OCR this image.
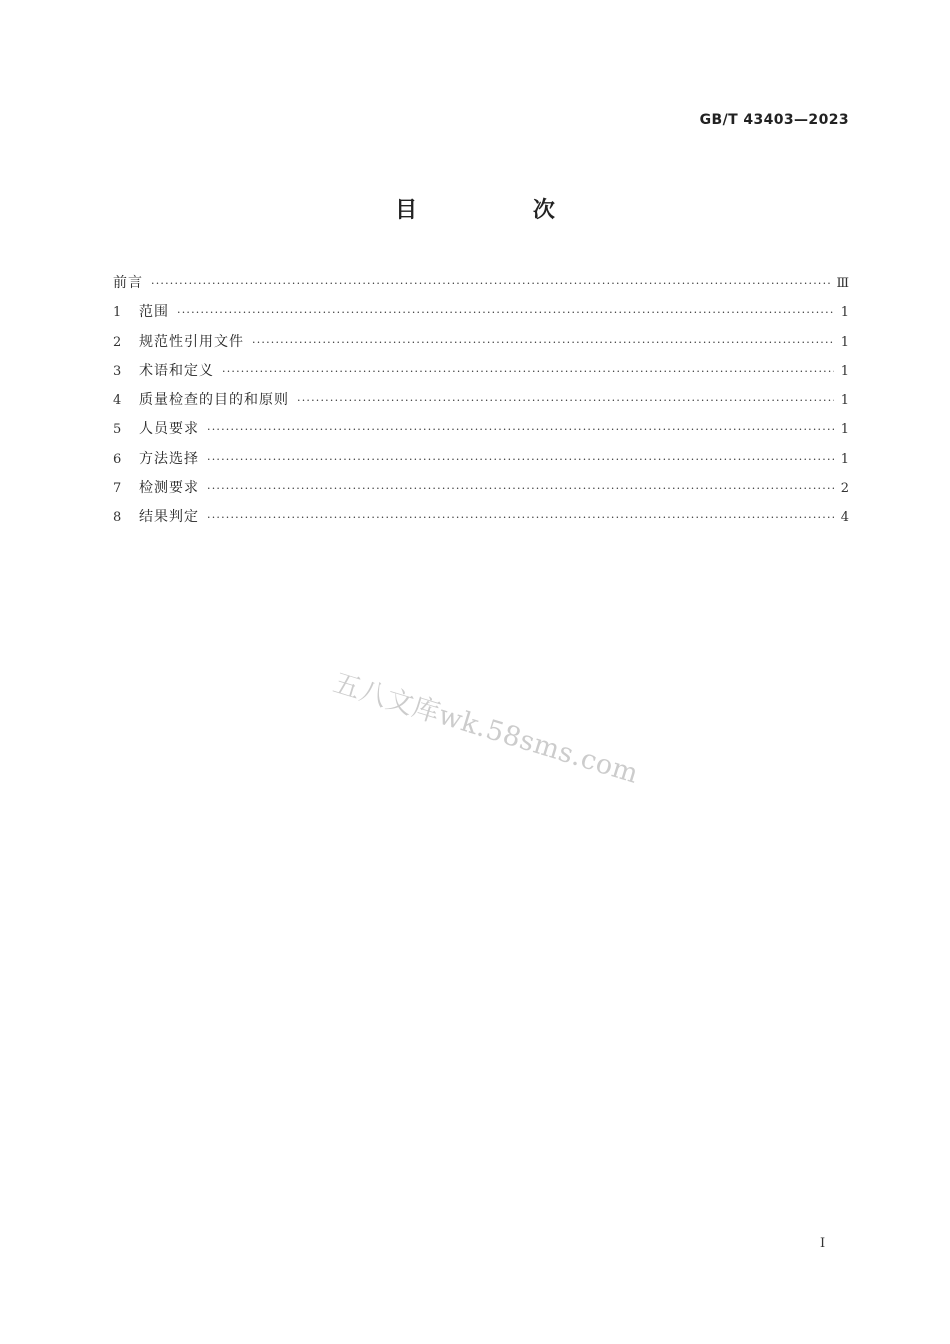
GB/T 43403—2023
目 次
前言 ·····	Ⅲ
1	范围 ·····	1
2	规范性引用文件 ·····	1
3	术语和定义 ·····	1
4	质量检查的目的和原则 ·····	1
5	人员要求 ·····	1
6	方法选择 ·····	1
7	检测要求 ·····	2
8	结果判定 ·····	4
五八文库wk.58sms.com
I
